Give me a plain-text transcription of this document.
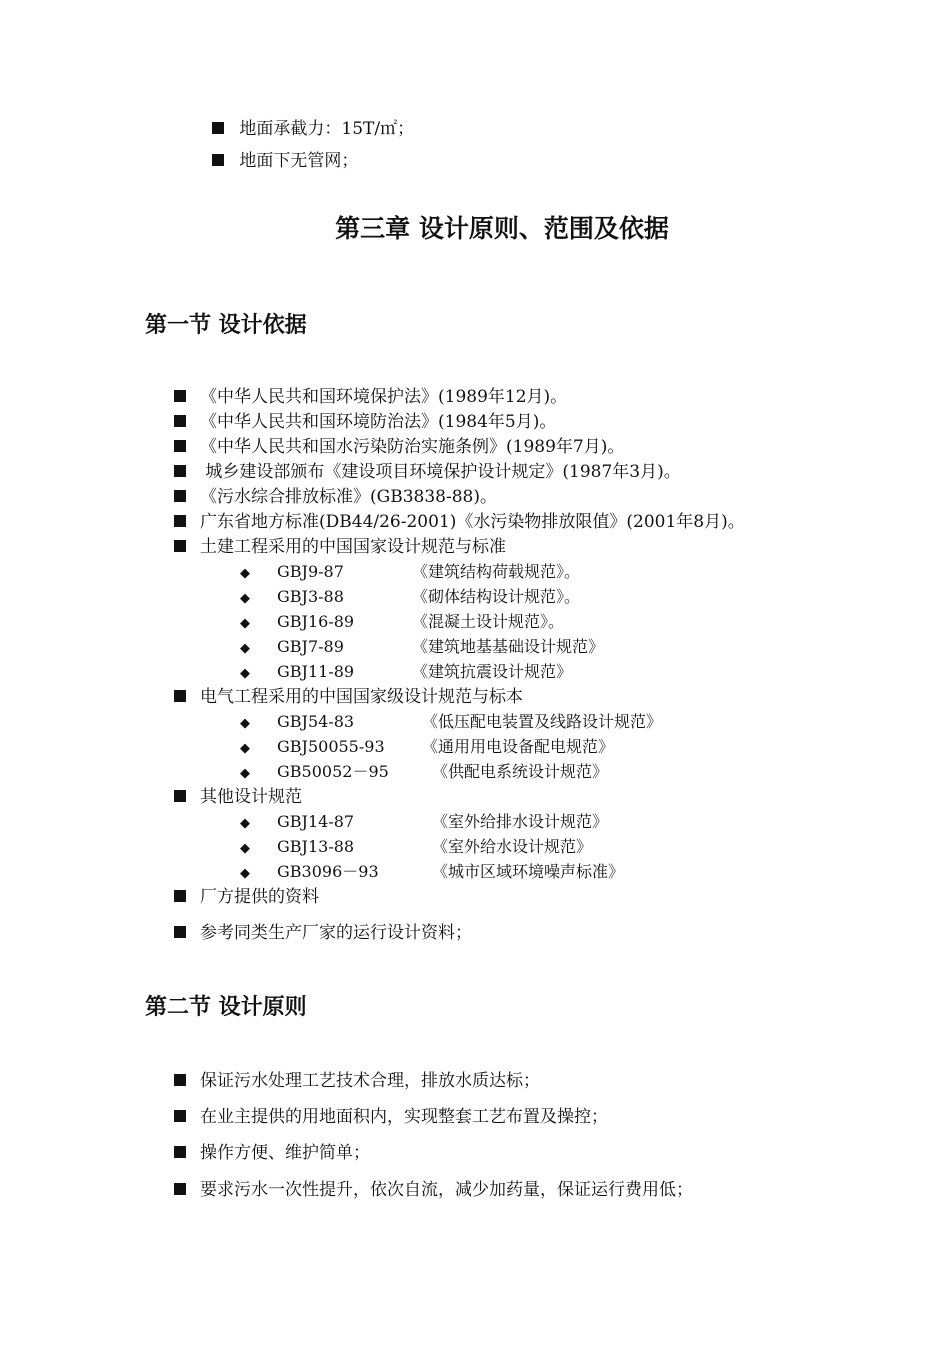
地面承截力：15T/㎡；
地面下无管网；
第三章 设计原则、范围及依据
第一节 设计依据
《中华人民共和国环境保护法》(1989年12月)。
《中华人民共和国环境防治法》(1984年5月)。
《中华人民共和国水污染防治实施条例》(1989年7月)。
城乡建设部颁布《建设项目环境保护设计规定》(1987年3月)。
《污水综合排放标准》(GB3838-88)。
广东省地方标准(DB44/26-2001)《水污染物排放限值》(2001年8月)。
土建工程采用的中国国家设计规范与标准
◆ GBJ9-87	《建筑结构荷载规范》。
◆ GBJ3-88	《砌体结构设计规范》。
◆ GBJ16-89	《混凝土设计规范》。
◆ GBJ7-89	《建筑地基基础设计规范》
◆ GBJ11-89	《建筑抗震设计规范》
电气工程采用的中国国家级设计规范与标本
◆ GBJ54-83	《低压配电装置及线路设计规范》
◆ GBJ50055-93 《通用用电设备配电规范》
◆ GB50052－95	《供配电系统设计规范》
其他设计规范
◆ GBJ14-87	《室外给排水设计规范》
◆ GBJ13-88	《室外给水设计规范》
◆ GB3096－93	《城市区域环境噪声标准》
厂方提供的资料
参考同类生产厂家的运行设计资料；
第二节 设计原则
保证污水处理工艺技术合理，排放水质达标；
在业主提供的用地面积内，实现整套工艺布置及操控；
操作方便、维护简单；
要求污水一次性提升，依次自流，减少加药量，保证运行费用低；
